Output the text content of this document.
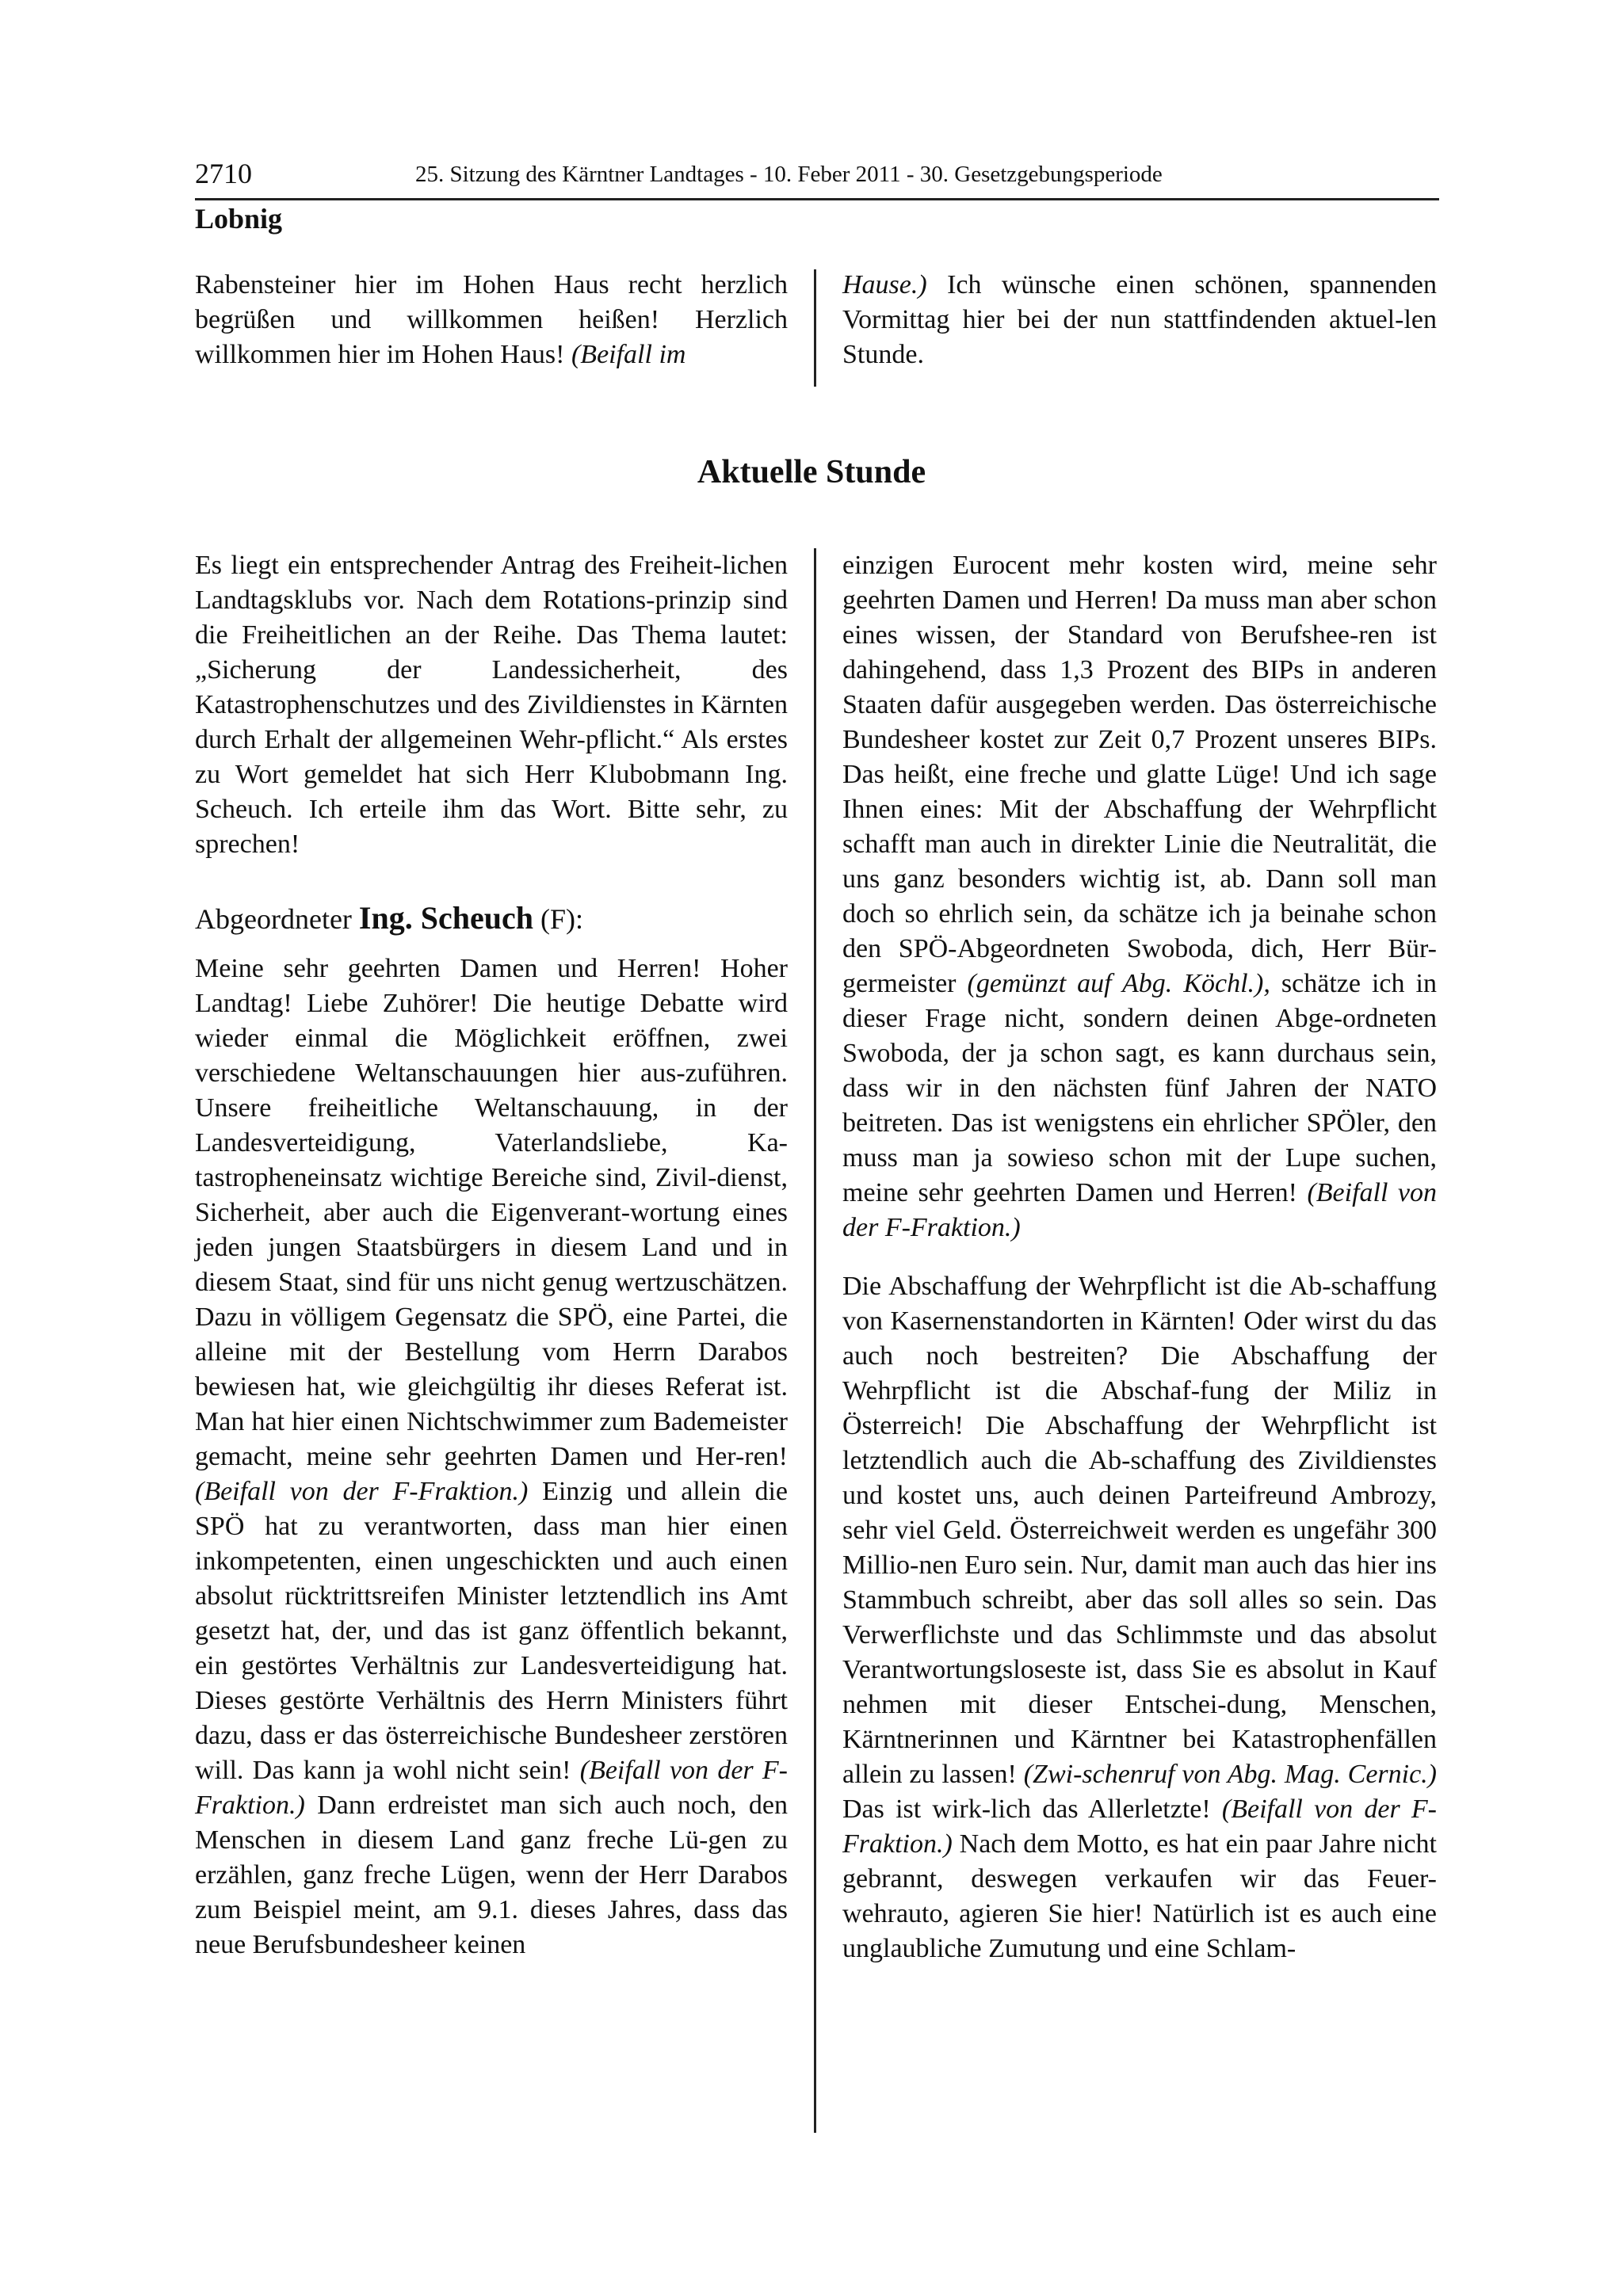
2710	25. Sitzung des Kärntner Landtages - 10. Feber 2011 - 30. Gesetzgebungsperiode
Lobnig

Rabensteiner hier im Hohen Haus recht herzlich begrüßen und willkommen heißen! Herzlich willkommen hier im Hohen Haus! (Beifall im

Hause.) Ich wünsche einen schönen, spannenden Vormittag hier bei der nun stattfindenden aktuel-len Stunde.

Aktuelle Stunde

Es liegt ein entsprechender Antrag des Freiheit-lichen Landtagsklubs vor. Nach dem Rotations-prinzip sind die Freiheitlichen an der Reihe. Das Thema lautet: „Sicherung der Landessicherheit, des Katastrophenschutzes und des Zivildienstes in Kärnten durch Erhalt der allgemeinen Wehr-pflicht.“ Als erstes zu Wort gemeldet hat sich Herr Klubobmann Ing. Scheuch. Ich erteile ihm das Wort. Bitte sehr, zu sprechen!

Abgeordneter Ing. Scheuch (F):

Meine sehr geehrten Damen und Herren! Hoher Landtag! Liebe Zuhörer! Die heutige Debatte wird wieder einmal die Möglichkeit eröffnen, zwei verschiedene Weltanschauungen hier aus-zuführen. Unsere freiheitliche Weltanschauung, in der Landesverteidigung, Vaterlandsliebe, Ka-tastropheneinsatz wichtige Bereiche sind, Zivil-dienst, Sicherheit, aber auch die Eigenverant-wortung eines jeden jungen Staatsbürgers in diesem Land und in diesem Staat, sind für uns nicht genug wertzuschätzen. Dazu in völligem Gegensatz die SPÖ, eine Partei, die alleine mit der Bestellung vom Herrn Darabos bewiesen hat, wie gleichgültig ihr dieses Referat ist. Man hat hier einen Nichtschwimmer zum Bademeister gemacht, meine sehr geehrten Damen und Her-ren! (Beifall von der F-Fraktion.) Einzig und allein die SPÖ hat zu verantworten, dass man hier einen inkompetenten, einen ungeschickten und auch einen absolut rücktrittsreifen Minister letztendlich ins Amt gesetzt hat, der, und das ist ganz öffentlich bekannt, ein gestörtes Verhältnis zur Landesverteidigung hat. Dieses gestörte Verhältnis des Herrn Ministers führt dazu, dass er das österreichische Bundesheer zerstören will. Das kann ja wohl nicht sein! (Beifall von der F-Fraktion.) Dann erdreistet man sich auch noch, den Menschen in diesem Land ganz freche Lü-gen zu erzählen, ganz freche Lügen, wenn der Herr Darabos zum Beispiel meint, am 9.1. dieses Jahres, dass das neue Berufsbundesheer keinen

einzigen Eurocent mehr kosten wird, meine sehr geehrten Damen und Herren! Da muss man aber schon eines wissen, der Standard von Berufshee-ren ist dahingehend, dass 1,3 Prozent des BIPs in anderen Staaten dafür ausgegeben werden. Das österreichische Bundesheer kostet zur Zeit 0,7 Prozent unseres BIPs. Das heißt, eine freche und glatte Lüge! Und ich sage Ihnen eines: Mit der Abschaffung der Wehrpflicht schafft man auch in direkter Linie die Neutralität, die uns ganz besonders wichtig ist, ab. Dann soll man doch so ehrlich sein, da schätze ich ja beinahe schon den SPÖ-Abgeordneten Swoboda, dich, Herr Bür-germeister (gemünzt auf Abg. Köchl.), schätze ich in dieser Frage nicht, sondern deinen Abge-ordneten Swoboda, der ja schon sagt, es kann durchaus sein, dass wir in den nächsten fünf Jahren der NATO beitreten. Das ist wenigstens ein ehrlicher SPÖler, den muss man ja sowieso schon mit der Lupe suchen, meine sehr geehrten Damen und Herren! (Beifall von der F-Fraktion.)

Die Abschaffung der Wehrpflicht ist die Ab-schaffung von Kasernenstandorten in Kärnten! Oder wirst du das auch noch bestreiten? Die Abschaffung der Wehrpflicht ist die Abschaf-fung der Miliz in Österreich! Die Abschaffung der Wehrpflicht ist letztendlich auch die Ab-schaffung des Zivildienstes und kostet uns, auch deinen Parteifreund Ambrozy, sehr viel Geld. Österreichweit werden es ungefähr 300 Millio-nen Euro sein. Nur, damit man auch das hier ins Stammbuch schreibt, aber das soll alles so sein. Das Verwerflichste und das Schlimmste und das absolut Verantwortungsloseste ist, dass Sie es absolut in Kauf nehmen mit dieser Entschei-dung, Menschen, Kärntnerinnen und Kärntner bei Katastrophenfällen allein zu lassen! (Zwi-schenruf von Abg. Mag. Cernic.) Das ist wirk-lich das Allerletzte! (Beifall von der F-Fraktion.) Nach dem Motto, es hat ein paar Jahre nicht gebrannt, deswegen verkaufen wir das Feuer-wehrauto, agieren Sie hier! Natürlich ist es auch eine unglaubliche Zumutung und eine Schlam-
